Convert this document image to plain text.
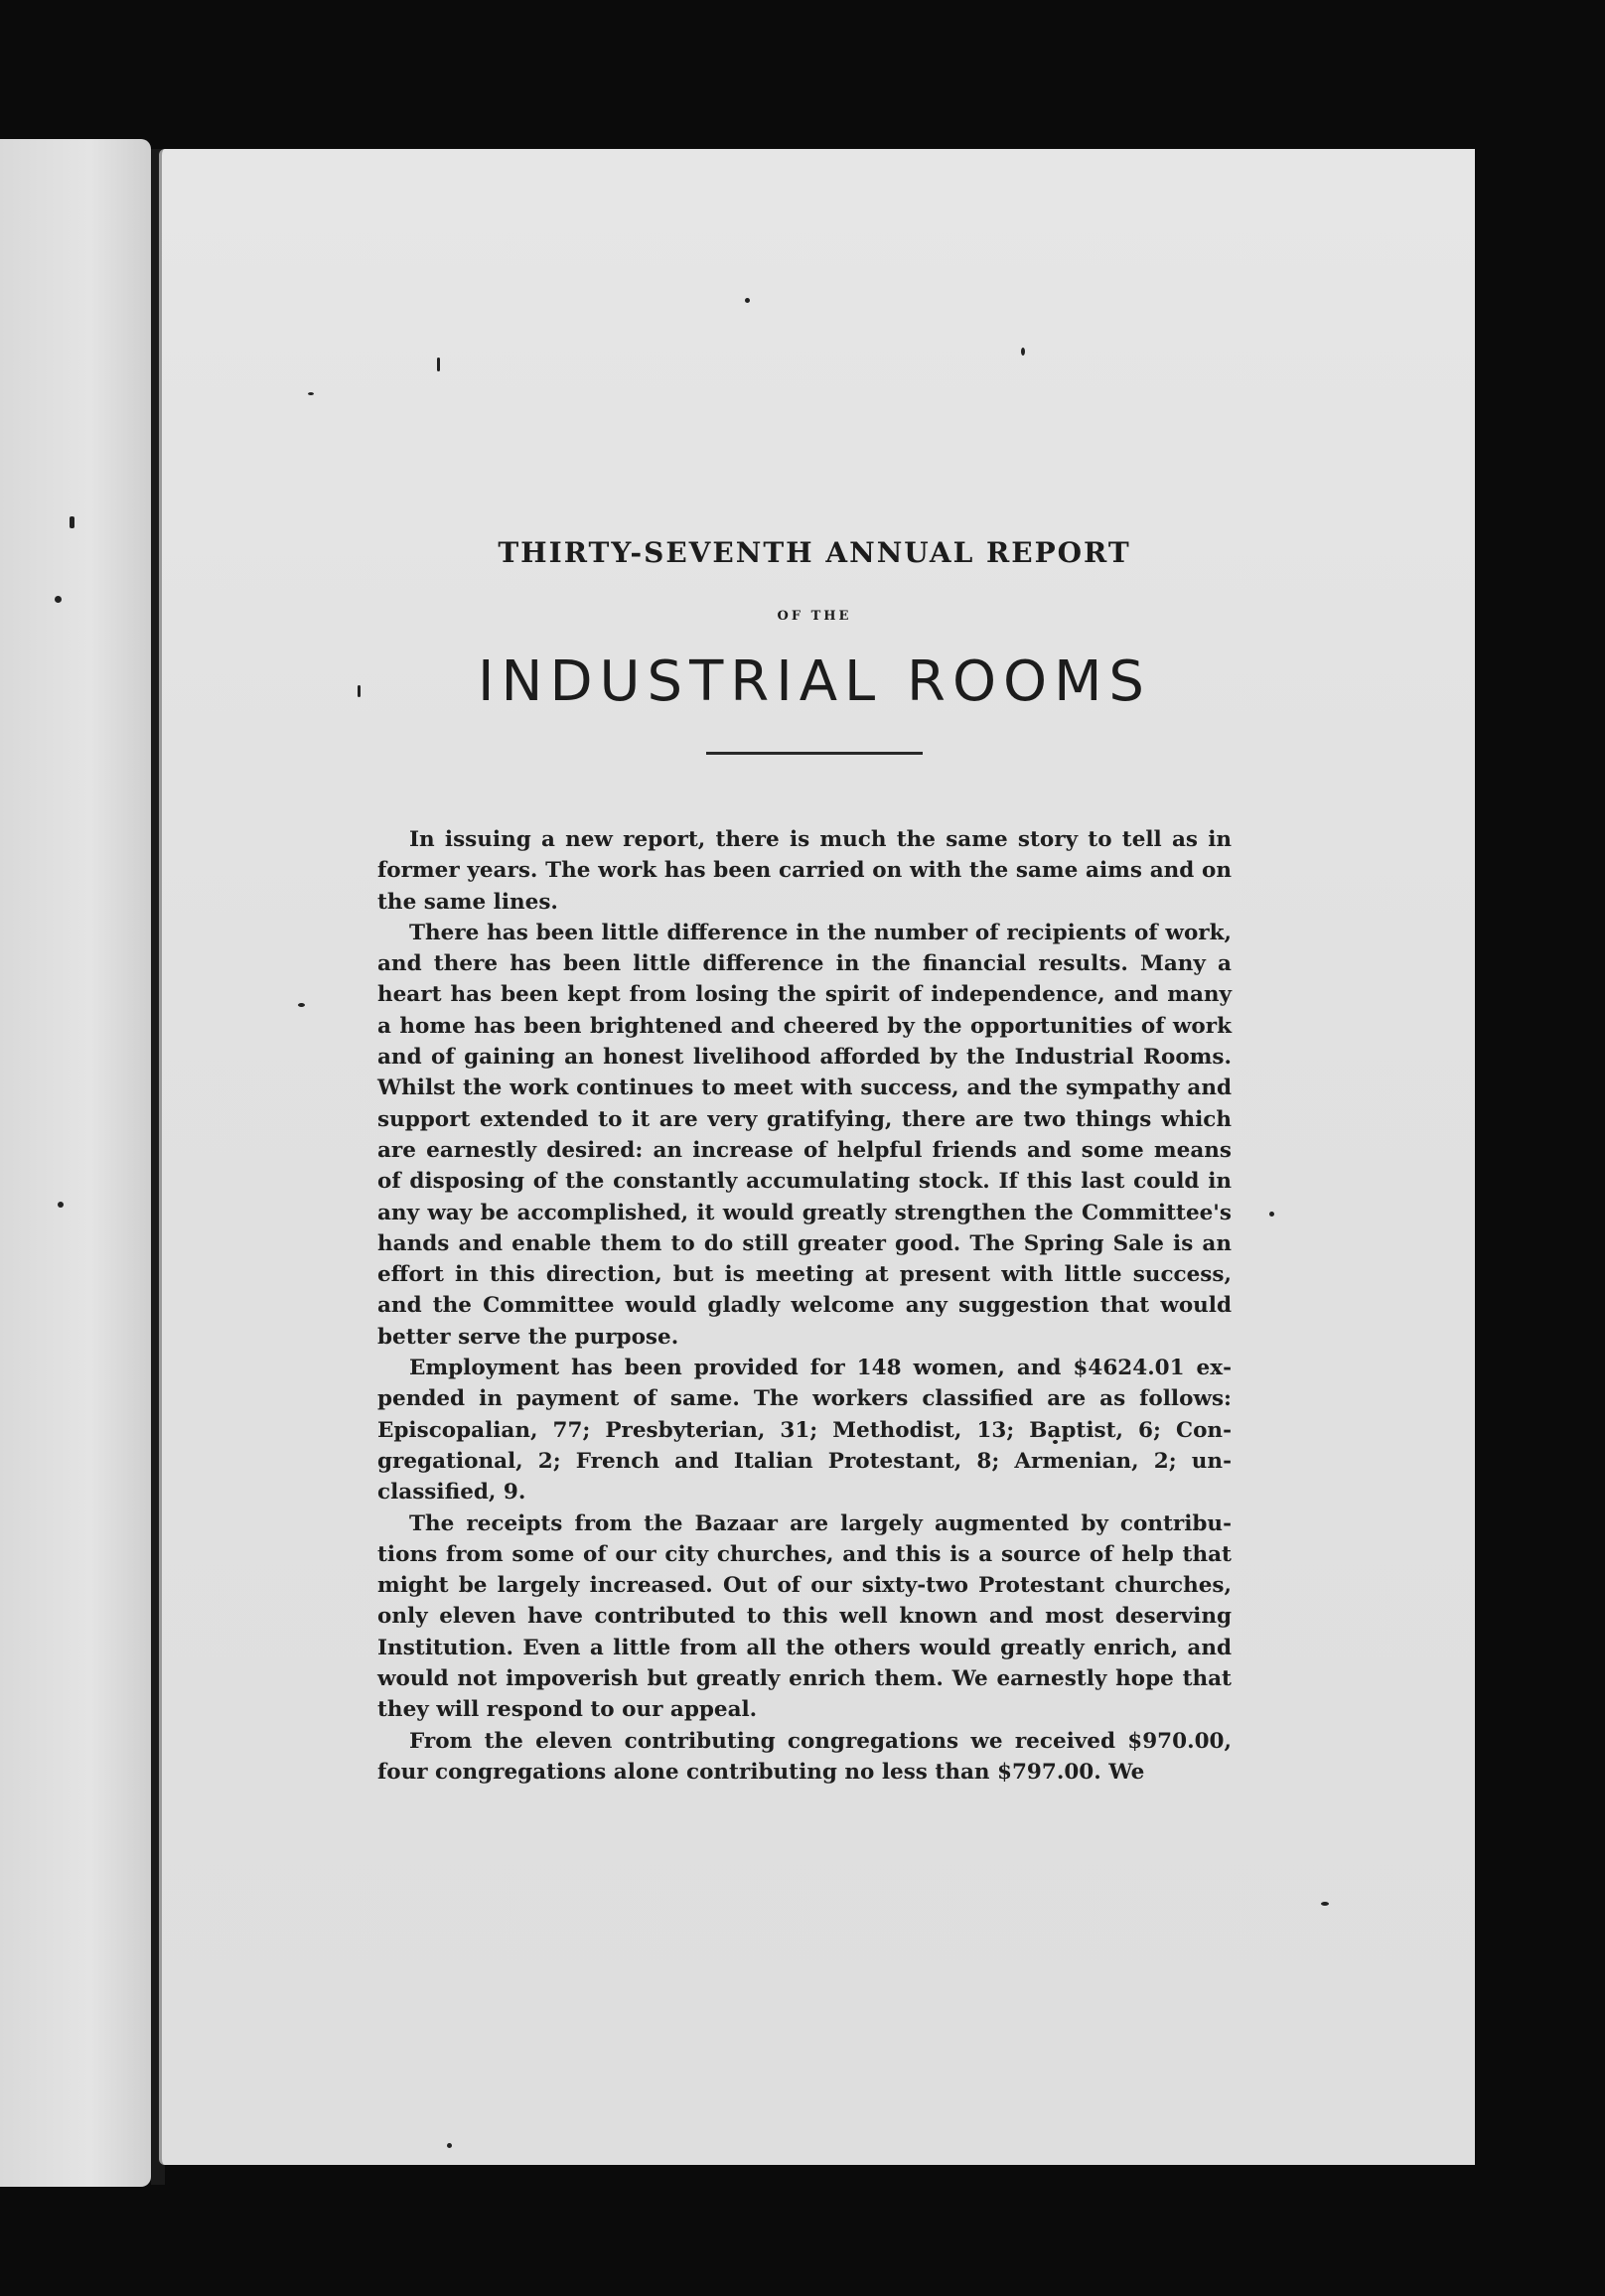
THIRTY-SEVENTH ANNUAL REPORT

OF THE

INDUSTRIAL ROOMS

In issuing a new report, there is much the same story to tell as in former years. The work has been carried on with the same aims and on the same lines.

There has been little difference in the number of recipients of work, and there has been little difference in the financial results. Many a heart has been kept from losing the spirit of independence, and many a home has been brightened and cheered by the opportunities of work and of gaining an honest livelihood afforded by the Industrial Rooms. Whilst the work continues to meet with success, and the sympathy and support extended to it are very gratifying, there are two things which are earnestly desired: an increase of helpful friends and some means of disposing of the constantly accumulating stock. If this last could in any way be accomplished, it would greatly strengthen the Committee's hands and enable them to do still greater good. The Spring Sale is an effort in this direction, but is meeting at present with little success, and the Committee would gladly welcome any suggestion that would better serve the purpose.

Employment has been provided for 148 women, and $4624.01 expended in payment of same. The workers classified are as follows: Episcopalian, 77; Presbyterian, 31; Methodist, 13; Baptist, 6; Congregational, 2; French and Italian Protestant, 8; Armenian, 2; unclassified, 9.

The receipts from the Bazaar are largely augmented by contributions from some of our city churches, and this is a source of help that might be largely increased. Out of our sixty-two Protestant churches, only eleven have contributed to this well known and most deserving Institution. Even a little from all the others would greatly enrich, and would not impoverish but greatly enrich them. We earnestly hope that they will respond to our appeal.

From the eleven contributing congregations we received $970.00, four congregations alone contributing no less than $797.00. We
